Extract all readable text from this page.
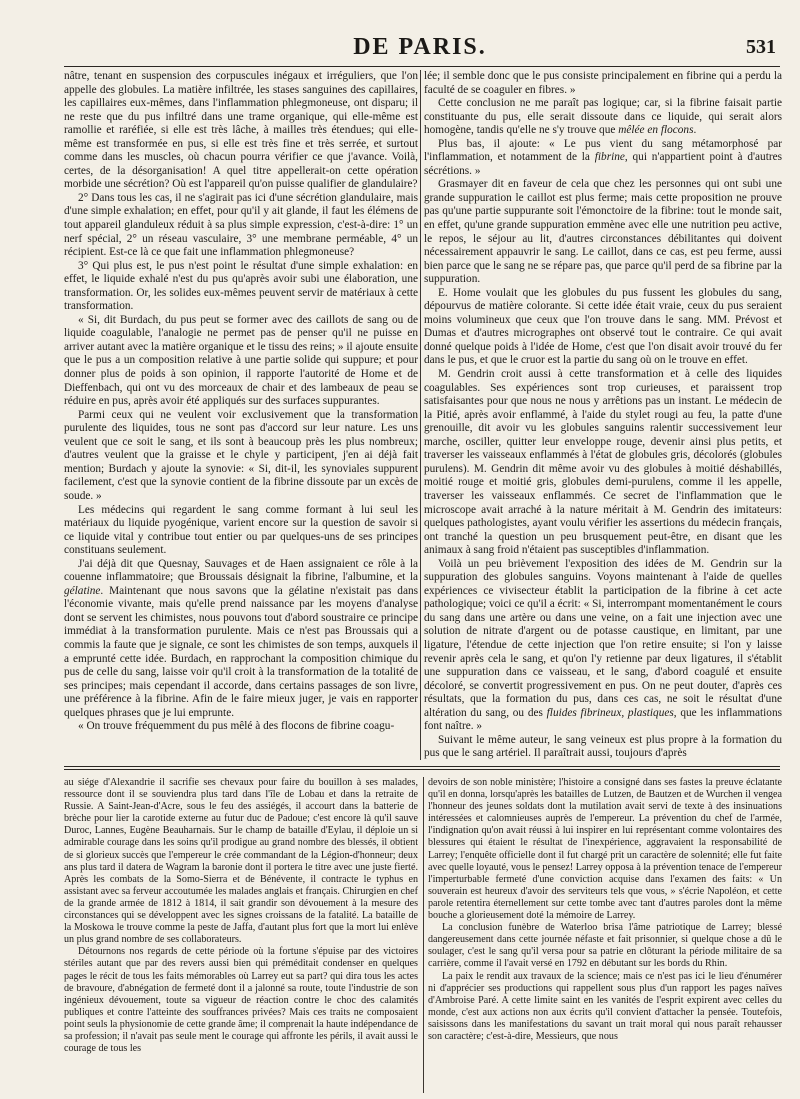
DE PARIS.	531

nâtre, tenant en suspension des corpuscules inégaux et irréguliers, que l'on appelle des globules. La matière infiltrée, les stases sanguines des capillaires, les capillaires eux-mêmes, dans l'inflammation phlegmoneuse, ont disparu; il ne reste que du pus infiltré dans une trame organique, qui elle-même est ramollie et raréfiée, si elle est très lâche, à mailles très étendues; qui elle-même est transformée en pus, si elle est très fine et très serrée, et surtout comme dans les muscles, où chacun pourra vérifier ce que j'avance. Voilà, certes, de la désorganisation! A quel titre appellerait-on cette opération morbide une sécrétion? Où est l'appareil qu'on puisse qualifier de glandulaire?

2° Dans tous les cas, il ne s'agirait pas ici d'une sécrétion glandulaire, mais d'une simple exhalation; en effet, pour qu'il y ait glande, il faut les élémens de tout appareil glanduleux réduit à sa plus simple expression, c'est-à-dire: 1° un nerf spécial, 2° un réseau vasculaire, 3° une membrane perméable, 4° un récipient. Est-ce là ce que fait une inflammation phlegmoneuse?

3° Qui plus est, le pus n'est point le résultat d'une simple exhalation: en effet, le liquide exhalé n'est du pus qu'après avoir subi une élaboration, une transformation. Or, les solides eux-mêmes peuvent servir de matériaux à cette transformation.

« Si, dit Burdach, du pus peut se former avec des caillots de sang ou de liquide coagulable, l'analogie ne permet pas de penser qu'il ne puisse en arriver autant avec la matière organique et le tissu des reins; » il ajoute ensuite que le pus a un composition relative à une partie solide qui suppure; et pour donner plus de poids à son opinion, il rapporte l'autorité de Home et de Dieffenbach, qui ont vu des morceaux de chair et des lambeaux de peau se réduire en pus, après avoir été appliqués sur des surfaces suppurantes.

Parmi ceux qui ne veulent voir exclusivement que la transformation purulente des liquides, tous ne sont pas d'accord sur leur nature. Les uns veulent que ce soit le sang, et ils sont à beaucoup près les plus nombreux; d'autres veulent que la graisse et le chyle y participent, j'en ai déjà fait mention; Burdach y ajoute la synovie: « Si, dit-il, les synoviales suppurent facilement, c'est que la synovie contient de la fibrine dissoute par un excès de soude. »

Les médecins qui regardent le sang comme formant à lui seul les matériaux du liquide pyogénique, varient encore sur la question de savoir si ce liquide vital y contribue tout entier ou par quelques-uns de ses principes constituans seulement.

J'ai déjà dit que Quesnay, Sauvages et de Haen assignaient ce rôle à la couenne inflammatoire; que Broussais désignait la fibrine, l'albumine, et la gélatine. Maintenant que nous savons que la gélatine n'existait pas dans l'économie vivante, mais qu'elle prend naissance par les moyens d'analyse dont se servent les chimistes, nous pouvons tout d'abord soustraire ce principe immédiat à la transformation purulente. Mais ce n'est pas Broussais qui a commis la faute que je signale, ce sont les chimistes de son temps, auxquels il a emprunté cette idée. Burdach, en rapprochant la composition chimique du pus de celle du sang, laisse voir qu'il croit à la transformation de la totalité de ses principes; mais cependant il accorde, dans certains passages de son livre, une préférence à la fibrine. Afin de le faire mieux juger, je vais en rapporter quelques phrases que je lui emprunte.

« On trouve fréquemment du pus mêlé à des flocons de fibrine coagu-

lée; il semble donc que le pus consiste principalement en fibrine qui a perdu la faculté de se coaguler en fibres. »

Cette conclusion ne me paraît pas logique; car, si la fibrine faisait partie constituante du pus, elle serait dissoute dans ce liquide, qui serait alors homogène, tandis qu'elle ne s'y trouve que mêlée en flocons.

Plus bas, il ajoute: « Le pus vient du sang métamorphosé par l'inflammation, et notamment de la fibrine, qui n'appartient point à d'autres sécrétions. »

Grasmayer dit en faveur de cela que chez les personnes qui ont subi une grande suppuration le caillot est plus ferme; mais cette proposition ne prouve pas qu'une partie suppurante soit l'émonctoire de la fibrine: tout le monde sait, en effet, qu'une grande suppuration emmène avec elle une nutrition peu active, le repos, le séjour au lit, d'autres circonstances débilitantes qui doivent nécessairement appauvrir le sang. Le caillot, dans ce cas, est peu ferme, aussi bien parce que le sang ne se répare pas, que parce qu'il perd de sa fibrine par la suppuration.

E. Home voulait que les globules du pus fussent les globules du sang, dépourvus de matière colorante. Si cette idée était vraie, ceux du pus seraient moins volumineux que ceux que l'on trouve dans le sang. MM. Prévost et Dumas et d'autres micrographes ont observé tout le contraire. Ce qui avait donné quelque poids à l'idée de Home, c'est que l'on disait avoir trouvé du fer dans le pus, et que le cruor est la partie du sang où on le trouve en effet.

M. Gendrin croit aussi à cette transformation et à celle des liquides coagulables. Ses expériences sont trop curieuses, et paraissent trop satisfaisantes pour que nous ne nous y arrêtions pas un instant. Le médecin de la Pitié, après avoir enflammé, à l'aide du stylet rougi au feu, la patte d'une grenouille, dit avoir vu les globules sanguins ralentir successivement leur marche, osciller, quitter leur enveloppe rouge, devenir ainsi plus petits, et traverser les vaisseaux enflammés à l'état de globules gris, décolorés (globules purulens). M. Gendrin dit même avoir vu des globules à moitié déshabillés, moitié rouge et moitié gris, globules demi-purulens, comme il les appelle, traverser les vaisseaux enflammés. Ce secret de l'inflammation que le microscope avait arraché à la nature méritait à M. Gendrin des imitateurs: quelques pathologistes, ayant voulu vérifier les assertions du médecin français, ont tranché la question un peu brusquement peut-être, en disant que les animaux à sang froid n'étaient pas susceptibles d'inflammation.

Voilà un peu brièvement l'exposition des idées de M. Gendrin sur la suppuration des globules sanguins. Voyons maintenant à l'aide de quelles expériences ce vivisecteur établit la participation de la fibrine à cet acte pathologique; voici ce qu'il a écrit: « Si, interrompant momentanément le cours du sang dans une artère ou dans une veine, on a fait une injection avec une solution de nitrate d'argent ou de potasse caustique, en limitant, par une ligature, l'étendue de cette injection que l'on retire ensuite; si l'on y laisse revenir après cela le sang, et qu'on l'y retienne par deux ligatures, il s'établit une suppuration dans ce vaisseau, et le sang, d'abord coagulé et ensuite décoloré, se convertit progressivement en pus. On ne peut douter, d'après ces résultats, que la formation du pus, dans ces cas, ne soit le résultat d'une altération du sang, ou des fluides fibrineux, plastiques, que les inflammations font naître. »

Suivant le même auteur, le sang veineux est plus propre à la formation du pus que le sang artériel. Il paraîtrait aussi, toujours d'après

au siége d'Alexandrie il sacrifie ses chevaux pour faire du bouillon à ses malades, ressource dont il se souviendra plus tard dans l'île de Lobau et dans la retraite de Russie. A Saint-Jean-d'Acre, sous le feu des assiégés, il accourt dans la batterie de brèche pour lier la carotide externe au futur duc de Padoue; c'est encore là qu'il sauve Duroc, Lannes, Eugène Beauharnais. Sur le champ de bataille d'Eylau, il déploie un si admirable courage dans les soins qu'il prodigue au grand nombre des blessés, il obtient de si glorieux succès que l'empereur le crée commandant de la Légion-d'honneur; deux ans plus tard il datera de Wagram la baronie dont il portera le titre avec une juste fierté. Après les combats de la Somo-Sierra et de Bénévente, il contracte le typhus en assistant avec sa ferveur accoutumée les malades anglais et français. Chirurgien en chef de la grande armée de 1812 à 1814, il sait grandir son dévouement à la mesure des circonstances qui se développent avec les signes croissans de la fatalité. La bataille de la Moskowa le trouve comme la peste de Jaffa, d'autant plus fort que la mort lui enlève un plus grand nombre de ses collaborateurs.

Détournons nos regards de cette période où la fortune s'épuise par des victoires stériles autant que par des revers aussi bien qui préméditait condenser en quelques pages le récit de tous les faits mémorables où Larrey eut sa part? qui dira tous les actes de bravoure, d'abnégation de fermeté dont il a jalonné sa route, toute l'industrie de son ingénieux dévouement, toute sa vigueur de réaction contre le choc des calamités publiques et contre l'atteinte des souffrances privées? Mais ces traits ne composaient point seuls la physionomie de cette grande âme; il comprenait la haute indépendance de sa profession; il n'avait pas seule ment le courage qui affronte les périls, il avait aussi le courage de tous les

devoirs de son noble ministère; l'histoire a consigné dans ses fastes la preuve éclatante qu'il en donna, lorsqu'après les batailles de Lutzen, de Bautzen et de Wurchen il vengea l'honneur des jeunes soldats dont la mutilation avait servi de texte à des insinuations intéressées et calomnieuses auprès de l'empereur. La prévention du chef de l'armée, l'indignation qu'on avait réussi à lui inspirer en lui représentant comme volontaires des blessures qui étaient le résultat de l'inexpérience, aggravaient la responsabilité de Larrey; l'enquête officielle dont il fut chargé prit un caractère de solennité; elle fut faite avec quelle loyauté, vous le pensez! Larrey opposa à la prévention tenace de l'empereur l'imperturbable fermeté d'une conviction acquise dans l'examen des faits: « Un souverain est heureux d'avoir des serviteurs tels que vous, » s'écrie Napoléon, et cette parole retentira éternellement sur cette tombe avec tant d'autres paroles dont la même bouche a glorieusement doté la mémoire de Larrey.

La conclusion funèbre de Waterloo brisa l'âme patriotique de Larrey; blessé dangereusement dans cette journée néfaste et fait prisonnier, si quelque chose a dû le soulager, c'est le sang qu'il versa pour sa patrie en clôturant la période militaire de sa carrière, comme il l'avait versé en 1792 en débutant sur les bords du Rhin.

La paix le rendit aux travaux de la science; mais ce n'est pas ici le lieu d'énumérer ni d'apprécier ses productions qui rappellent sous plus d'un rapport les pages naïves d'Ambroise Paré. A cette limite saint en les vanités de l'esprit expirent avec celles du monde, c'est aux actions non aux écrits qu'il convient d'attacher la pensée. Toutefois, saisissons dans les manifestations du savant un trait moral qui nous paraît rehausser son caractère; c'est-à-dire, Messieurs, que nous
